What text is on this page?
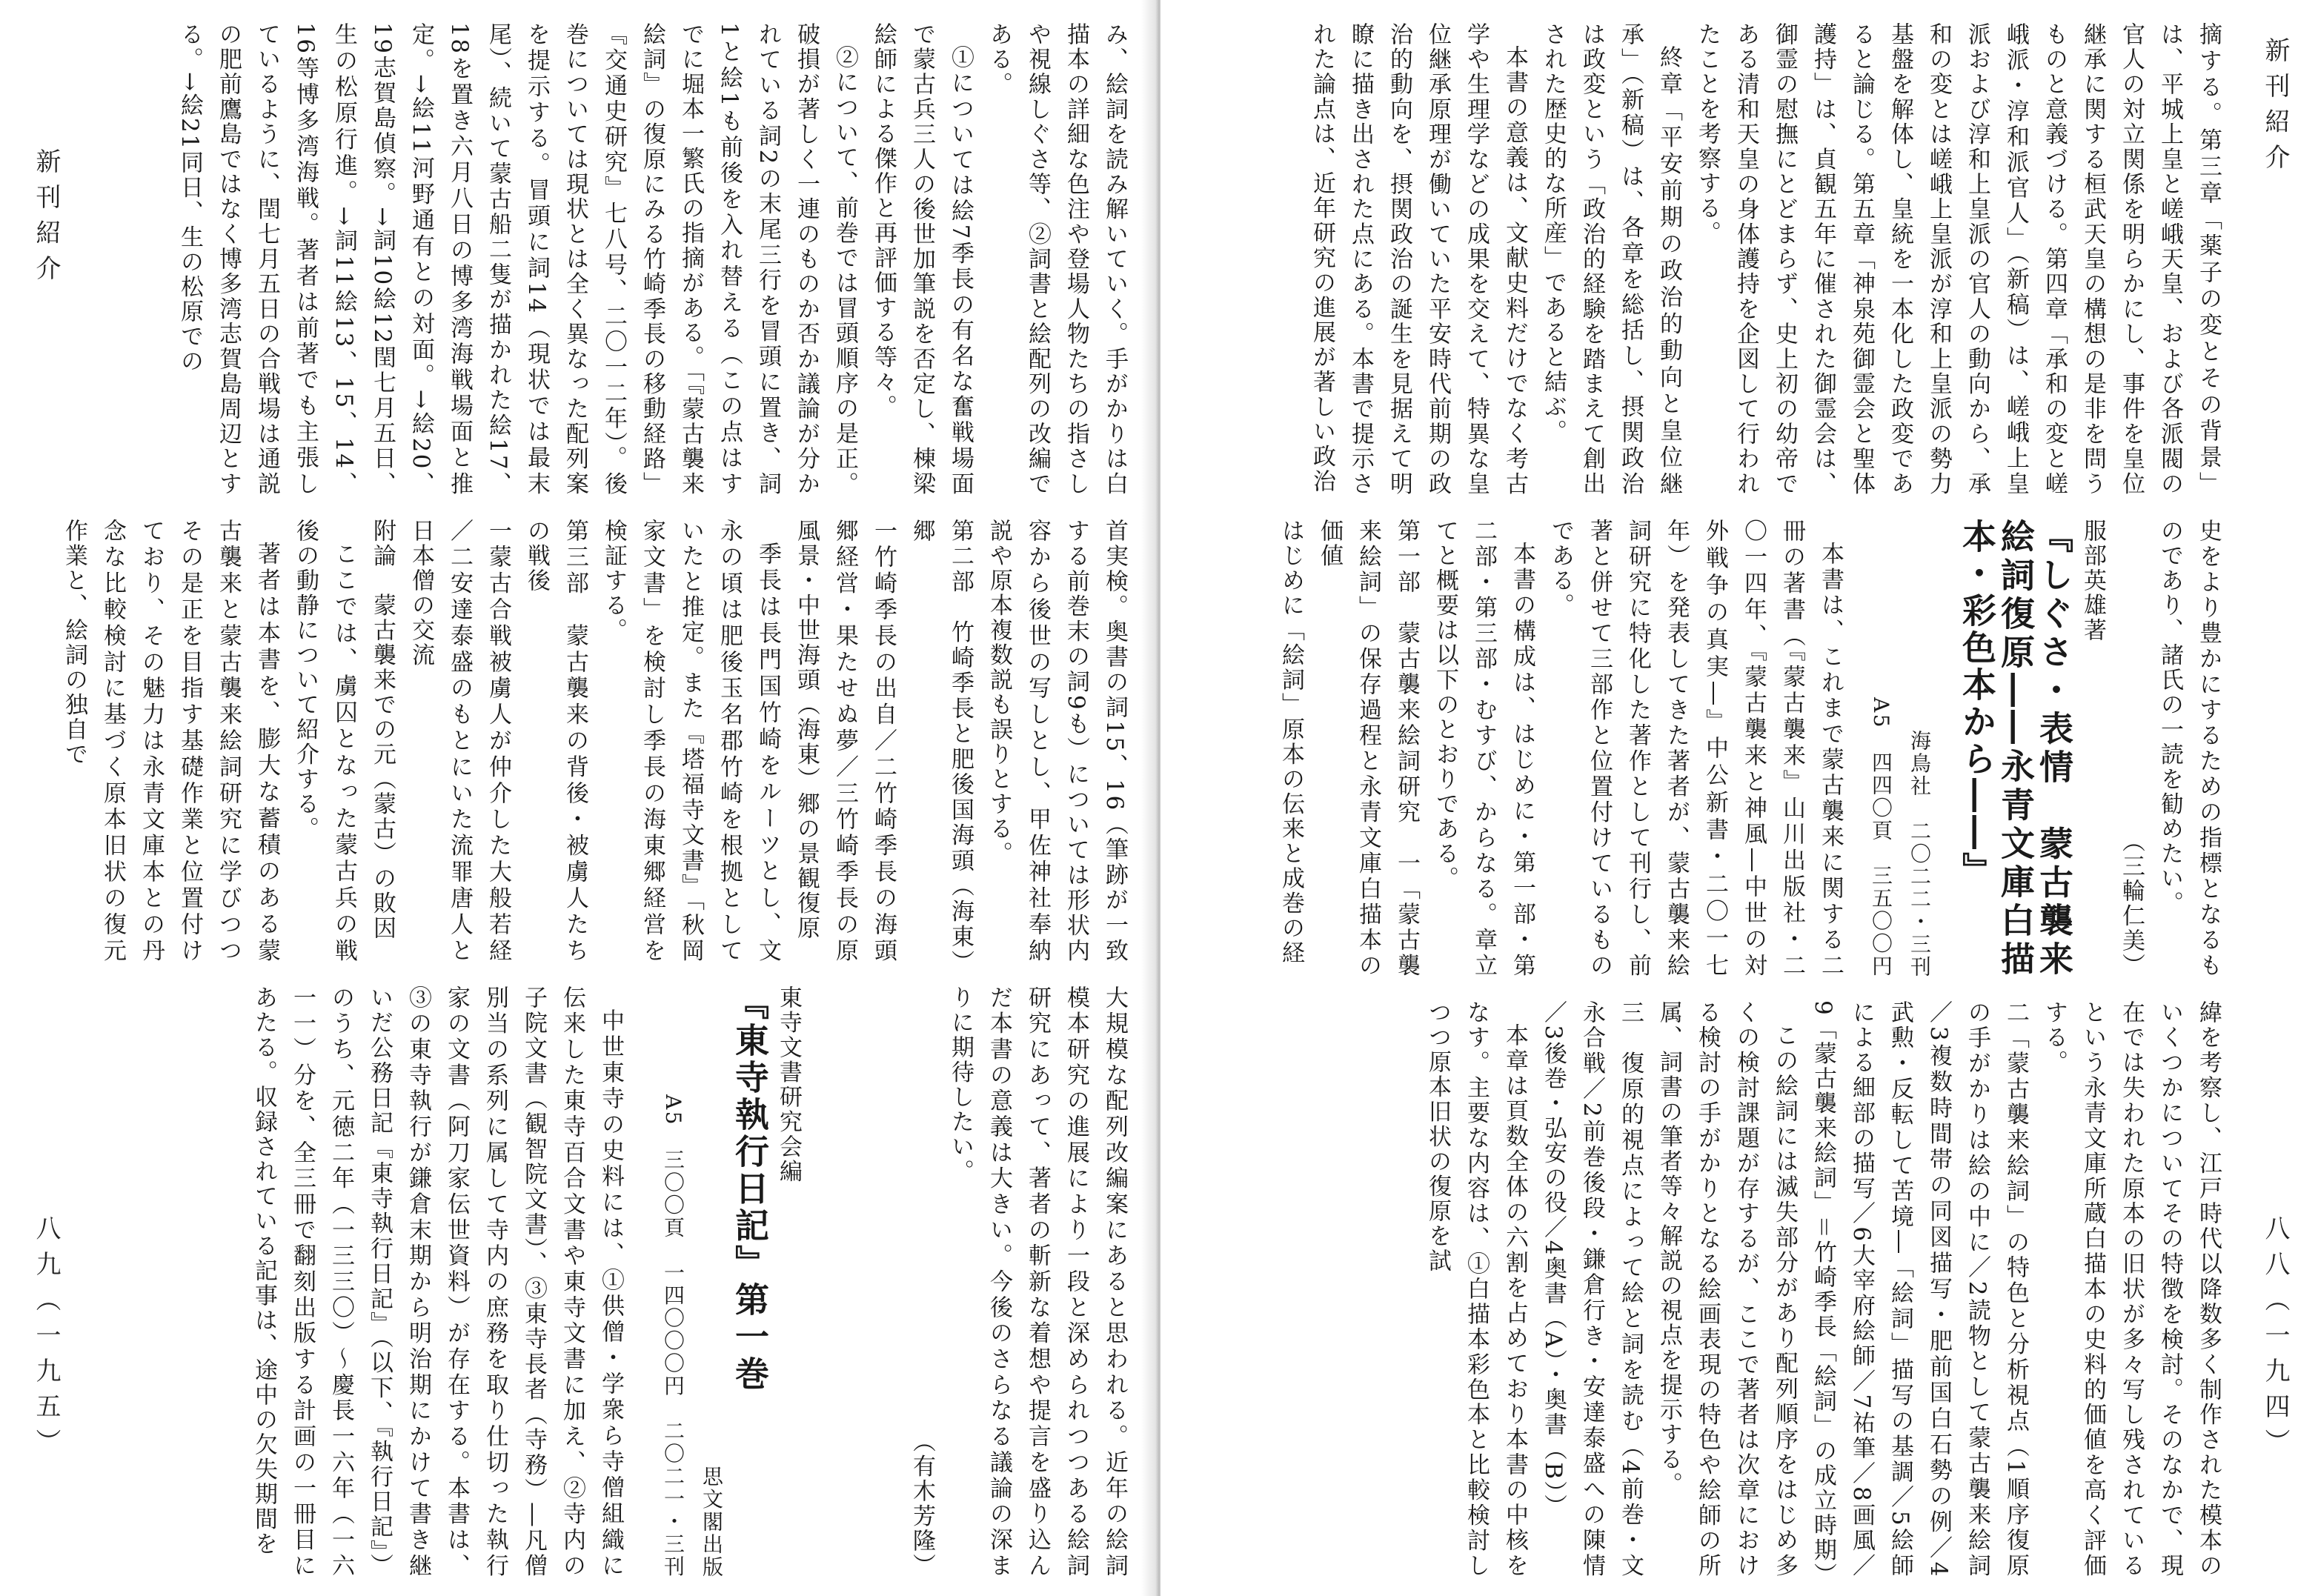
新刊紹介
八九（一九五）

み、絵詞を読み解いていく。手がかりは白描本の詳細な色注や登場人物たちの指さしや視線しぐさ等、②詞書と絵配列の改編である。

①については絵7季長の有名な奮戦場面で蒙古兵三人の後世加筆説を否定し、棟梁絵師による傑作と再評価する等々。

②について、前巻では冒頭順序の是正。破損が著しく一連のものか否か議論が分かれている詞2の末尾三行を冒頭に置き、詞1と絵1も前後を入れ替える（この点はすでに堀本一繁氏の指摘がある。「『蒙古襲来絵詞』の復原にみる竹崎季長の移動経路」『交通史研究』七八号、二〇一二年）。後巻については現状とは全く異なった配列案を提示する。冒頭に詞14（現状では最末尾）、続いて蒙古船二隻が描かれた絵17、18を置き六月八日の博多湾海戦場面と推定。→絵11河野通有との対面。→絵20、19志賀島偵察。→詞10絵12閏七月五日、生の松原行進。→詞11絵13、15、14、16等博多湾海戦。著者は前著でも主張しているように、閏七月五日の合戦場は通説の肥前鷹島ではなく博多湾志賀島周辺とする。→絵21同日、生の松原での

首実検。奥書の詞15、16（筆跡が一致する前巻末の詞9も）については形状内容から後世の写しとし、甲佐神社奉納説や原本複数説も誤りとする。

第二部　竹崎季長と肥後国海頭（海東）郷

一竹崎季長の出自／二竹崎季長の海頭郷経営・果たせぬ夢／三竹崎季長の原風景・中世海頭（海東）郷の景観復原

季長は長門国竹崎をルーツとし、文永の頃は肥後玉名郡竹崎を根拠としていたと推定。また『塔福寺文書』「秋岡家文書」を検討し季長の海東郷経営を検証する。

第三部　蒙古襲来の背後・被虜人たちの戦後

一蒙古合戦被虜人が仲介した大般若経／二安達泰盛のもとにいた流罪唐人と日本僧の交流

附論　蒙古襲来での元（蒙古）の敗因

ここでは、虜囚となった蒙古兵の戦後の動静について紹介する。

著者は本書を、膨大な蓄積のある蒙古襲来と蒙古襲来絵詞研究に学びつつその是正を目指す基礎作業と位置付けており、その魅力は永青文庫本との丹念な比較検討に基づく原本旧状の復元作業と、絵詞の独自で

大規模な配列改編案にあると思われる。近年の絵詞模本研究の進展により一段と深められつつある絵詞研究にあって、著者の斬新な着想や提言を盛り込んだ本書の意義は大きい。今後のさらなる議論の深まりに期待したい。

（有木芳隆）

東寺文書研究会編

『東寺執行日記』第一巻

思文閣出版

A5　三〇〇頁　一四〇〇〇円　二〇二一・三刊

中世東寺の史料には、①供僧・学衆ら寺僧組織に伝来した東寺百合文書や東寺文書に加え、②寺内の子院文書（観智院文書）、③東寺長者（寺務）―凡僧別当の系列に属して寺内の庶務を取り仕切った執行家の文書（阿刀家伝世資料）が存在する。本書は、③の東寺執行が鎌倉末期から明治期にかけて書き継いだ公務日記『東寺執行日記』（以下、『執行日記』）のうち、元徳二年（一三三〇）～慶長一六年（一六一一）分を、全三冊で翻刻出版する計画の一冊目にあたる。収録されている記事は、途中の欠失期間を

新刊紹介
八八（一九四）

摘する。第三章「薬子の変とその背景」は、平城上皇と嵯峨天皇、および各派閥の官人の対立関係を明らかにし、事件を皇位継承に関する桓武天皇の構想の是非を問うものと意義づける。第四章「承和の変と嵯峨派・淳和派官人」（新稿）は、嵯峨上皇派および淳和上皇派の官人の動向から、承和の変とは嵯峨上皇派が淳和上皇派の勢力基盤を解体し、皇統を一本化した政変であると論じる。第五章「神泉苑御霊会と聖体護持」は、貞観五年に催された御霊会は、御霊の慰撫にとどまらず、史上初の幼帝である清和天皇の身体護持を企図して行われたことを考察する。

終章「平安前期の政治的動向と皇位継承」（新稿）は、各章を総括し、摂関政治は政変という「政治的経験を踏まえて創出された歴史的な所産」であると結ぶ。

本書の意義は、文献史料だけでなく考古学や生理学などの成果を交えて、特異な皇位継承原理が働いていた平安時代前期の政治的動向を、摂関政治の誕生を見据えて明瞭に描き出された点にある。本書で提示された論点は、近年研究の進展が著しい政治

史をより豊かにするための指標となるものであり、諸氏の一読を勧めたい。

（三輪仁美）

服部英雄著

『しぐさ・表情　蒙古襲来絵詞復原――永青文庫白描本・彩色本から――』

海鳥社　二〇二二・三刊

A5　四四〇頁　三五〇〇円

本書は、これまで蒙古襲来に関する二冊の著書（『蒙古襲来』山川出版社・二〇一四年、『蒙古襲来と神風―中世の対外戦争の真実―』中公新書・二〇一七年）を発表してきた著者が、蒙古襲来絵詞研究に特化した著作として刊行し、前著と併せて三部作と位置付けているものである。

本書の構成は、はじめに・第一部・第二部・第三部・むすび、からなる。章立てと概要は以下のとおりである。

第一部　蒙古襲来絵詞研究　一「蒙古襲来絵詞」の保存過程と永青文庫白描本の価値

はじめに「絵詞」原本の伝来と成巻の経

緯を考察し、江戸時代以降数多く制作された模本のいくつかについてその特徴を検討。そのなかで、現在では失われた原本の旧状が多々写し残されているという永青文庫所蔵白描本の史料的価値を高く評価する。

二「蒙古襲来絵詞」の特色と分析視点（1順序復原の手がかりは絵の中に／2読物として蒙古襲来絵詞／3複数時間帯の同図描写・肥前国白石勢の例／4武勲・反転して苦境―「絵詞」描写の基調／5絵師による細部の描写／6大宰府絵師／7祐筆／8画風／9「蒙古襲来絵詞」＝竹崎季長「絵詞」の成立時期）

この絵詞には滅失部分があり配列順序をはじめ多くの検討課題が存するが、ここで著者は次章における検討の手がかりとなる絵画表現の特色や絵師の所属、詞書の筆者等々解説の視点を提示する。

三　復原的視点によって絵と詞を読む（4前巻・文永合戦／2前巻後段・鎌倉行き・安達泰盛への陳情／3後巻・弘安の役／4奥書（A）・奥書（B））

本章は頁数全体の六割を占めており本書の中核をなす。主要な内容は、①白描本彩色本と比較検討しつつ原本旧状の復原を試
